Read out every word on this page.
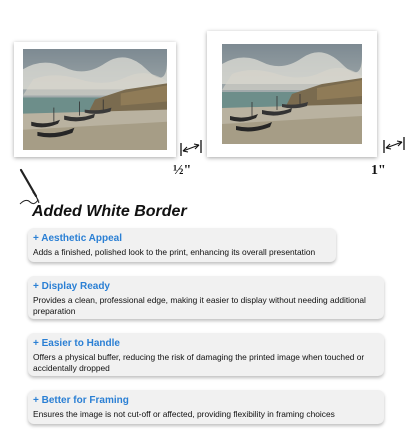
½"	1"
Added White Border
+ Aesthetic Appeal
Adds a finished, polished look to the print, enhancing its overall presentation
+ Display Ready
Provides a clean, professional edge, making it easier to display without needing additional preparation
+ Easier to Handle
Offers a physical buffer, reducing the risk of damaging the printed image when touched or accidentally dropped
+ Better for Framing
Ensures the image is not cut-off or affected, providing flexibility in framing choices
